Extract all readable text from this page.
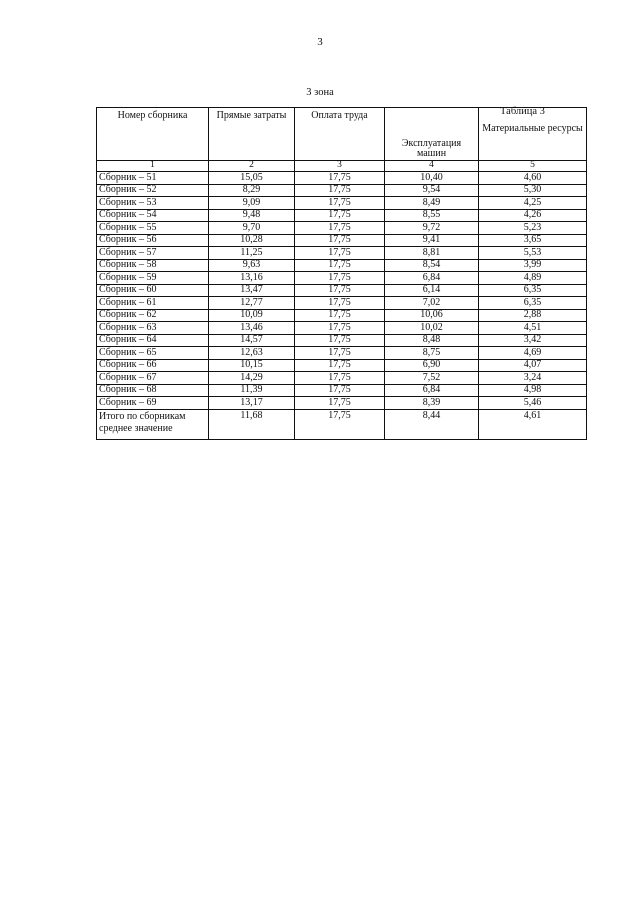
3
3 зона
Таблица 3
Номер сборника	Прямые затраты	Оплата труда	Эксплуатация машин	Материальные ресурсы
1	2	3	4	5
Сборник – 51	15,05	17,75	10,40	4,60
Сборник – 52	8,29	17,75	9,54	5,30
Сборник – 53	9,09	17,75	8,49	4,25
Сборник – 54	9,48	17,75	8,55	4,26
Сборник – 55	9,70	17,75	9,72	5,23
Сборник – 56	10,28	17,75	9,41	3,65
Сборник – 57	11,25	17,75	8,81	5,53
Сборник – 58	9,63	17,75	8,54	3,99
Сборник – 59	13,16	17,75	6,84	4,89
Сборник – 60	13,47	17,75	6,14	6,35
Сборник – 61	12,77	17,75	7,02	6,35
Сборник – 62	10,09	17,75	10,06	2,88
Сборник – 63	13,46	17,75	10,02	4,51
Сборник – 64	14,57	17,75	8,48	3,42
Сборник – 65	12,63	17,75	8,75	4,69
Сборник – 66	10,15	17,75	6,90	4,07
Сборник – 67	14,29	17,75	7,52	3,24
Сборник – 68	11,39	17,75	6,84	4,98
Сборник – 69	13,17	17,75	8,39	5,46

Итого по сборникам
среднее значение	11,68	17,75	8,44	4,61
